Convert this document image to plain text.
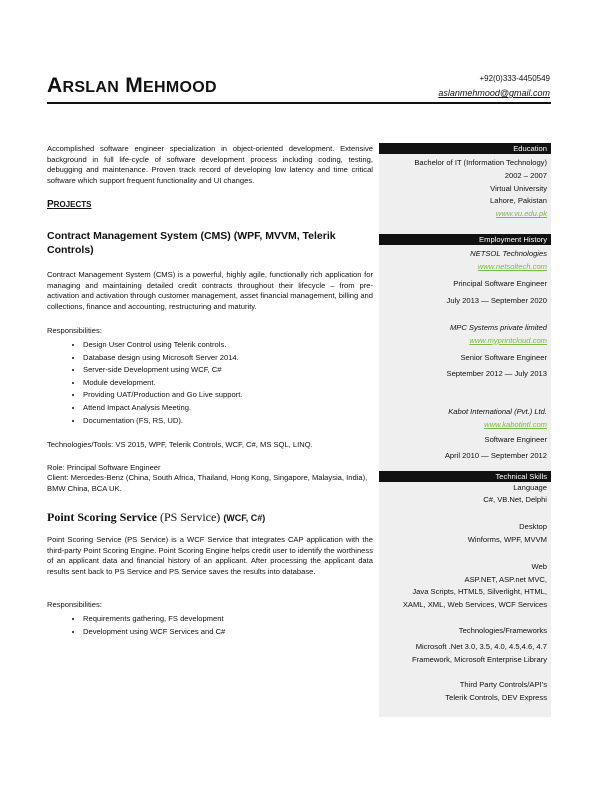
ARSLAN MEHMOOD
+92(0)333-4450549
aslanmehmood@gmail.com

Accomplished software engineer specialization in object-oriented development. Extensive background in full life-cycle of software development process including coding, testing, debugging and maintenance. Proven track record of developing low latency and time critical software which support frequent functionality and UI changes.

PROJECTS
Contract Management System (CMS) (WPF, MVVM, Telerik Controls)

Contract Management System (CMS) is a powerful, highly agile, functionally rich application for managing and maintaining detailed credit contracts throughout their lifecycle – from pre-activation and activation through customer management, asset financial management, billing and collections, finance and accounting, restructuring and maturity.

Responsibilities:
• Design User Control using Telerik controls.
• Database design using Microsoft Server 2014.
• Server-side Development using WCF, C#
• Module development.
• Providing UAT/Production and Go Live support.
• Attend Impact Analysis Meeting.
• Documentation (FS, RS, UD).
Technologies/Tools: VS 2015, WPF, Telerik Controls, WCF, C#, MS SQL, LINQ.
Role: Principal Software Engineer
Client: Mercedes-Benz (China, South Africa, Thailand, Hong Kong, Singapore, Malaysia, India), BMW China, BCA UK.
Point Scoring Service (PS Service) (WCF, C#)

Point Scoring Service (PS Service) is a WCF Service that integrates CAP application with the third-party Point Scoring Engine. Point Scoring Engine helps credit user to identify the worthiness of an applicant data and financial history of an applicant. After processing the applicant data results sent back to PS Service and PS Service saves the results into database.

Responsibilities:
• Requirements gathering, FS development
• Development using WCF Services and C#
Education
Bachelor of IT (Information Technology)
2002 – 2007
Virtual University
Lahore, Pakistan
www.vu.edu.pk
Employment History
NETSOL Technologies
www.netsoltech.com
Principal Software Engineer
July 2013 — September 2020
MPC Systems private limited
www.myprintcloud.com
Senior Software Engineer
September 2012 — July 2013
Kabot International (Pvt.) Ltd.
www.kabotintl.com
Software Engineer
April 2010 — September 2012
Technical Skills
Language
C#, VB.Net, Delphi
Desktop
Winforms, WPF, MVVM
Web
ASP.NET, ASP.net MVC,
Java Scripts, HTML5, Silverlight, HTML,
XAML, XML, Web Services, WCF Services
Technologies/Frameworks
Microsoft .Net 3.0, 3.5, 4.0, 4.5,4.6, 4.7
Framework, Microsoft Enterprise Library
Third Party Controls/API’s
Telerik Controls, DEV Express
